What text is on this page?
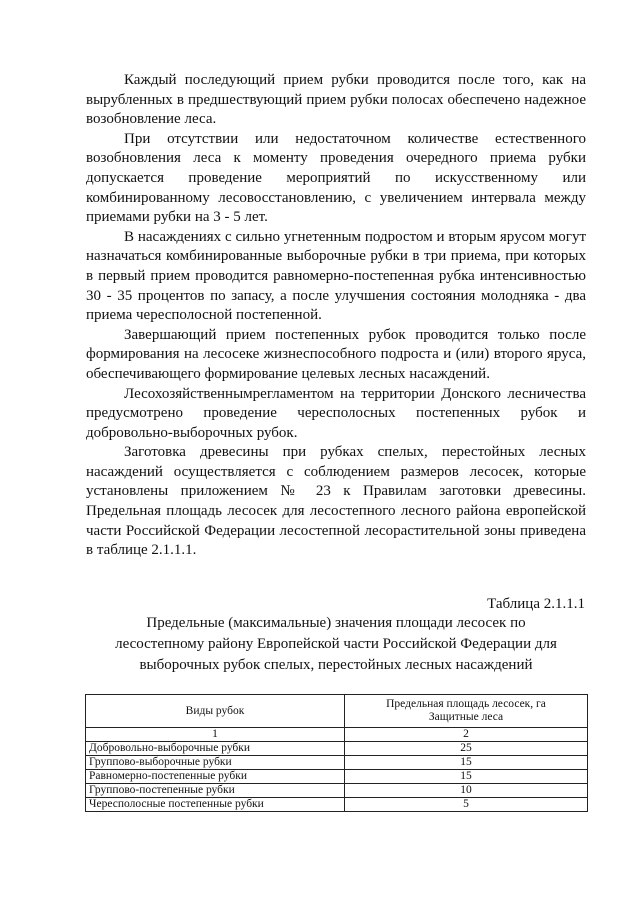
Каждый последующий прием рубки проводится после того, как на вырубленных в предшествующий прием рубки полосах обеспечено надежное возобновление леса.

При отсутствии или недостаточном количестве естественного возобновления леса к моменту проведения очередного приема рубки допускается проведение мероприятий по искусственному или комбинированному лесовосстановлению, с увеличением интервала между приемами рубки на 3 - 5 лет.

В насаждениях с сильно угнетенным подростом и вторым ярусом могут назначаться комбинированные выборочные рубки в три приема, при которых в первый прием проводится равномерно-постепенная рубка интенсивностью 30 - 35 процентов по запасу, а после улучшения состояния молодняка - два приема чересполосной постепенной.

Завершающий прием постепенных рубок проводится только после формирования на лесосеке жизнеспособного подроста и (или) второго яруса, обеспечивающего формирование целевых лесных насаждений.

Лесохозяйственнымрегламентом на территории Донского лесничества предусмотрено проведение чересполосных постепенных рубок и добровольно-выборочных рубок.

Заготовка древесины при рубках спелых, перестойных лесных насаждений осуществляется с соблюдением размеров лесосек, которые установлены приложением № 23 к Правилам заготовки древесины. Предельная площадь лесосек для лесостепного лесного района европейской части Российской Федерации лесостепной лесорастительной зоны приведена в таблице 2.1.1.1.

Таблица 2.1.1.1
Предельные (максимальные) значения площади лесосек по
лесостепному району Европейской части Российской Федерации для
выборочных рубок спелых, перестойных лесных насаждений
Виды рубок	Предельная площадь лесосек, га
Защитные леса

1	2
Добровольно-выборочные рубки	25
Группово-выборочные рубки	15
Равномерно-постепенные рубки	15
Группово-постепенные рубки	10
Чересполосные постепенные рубки	5
